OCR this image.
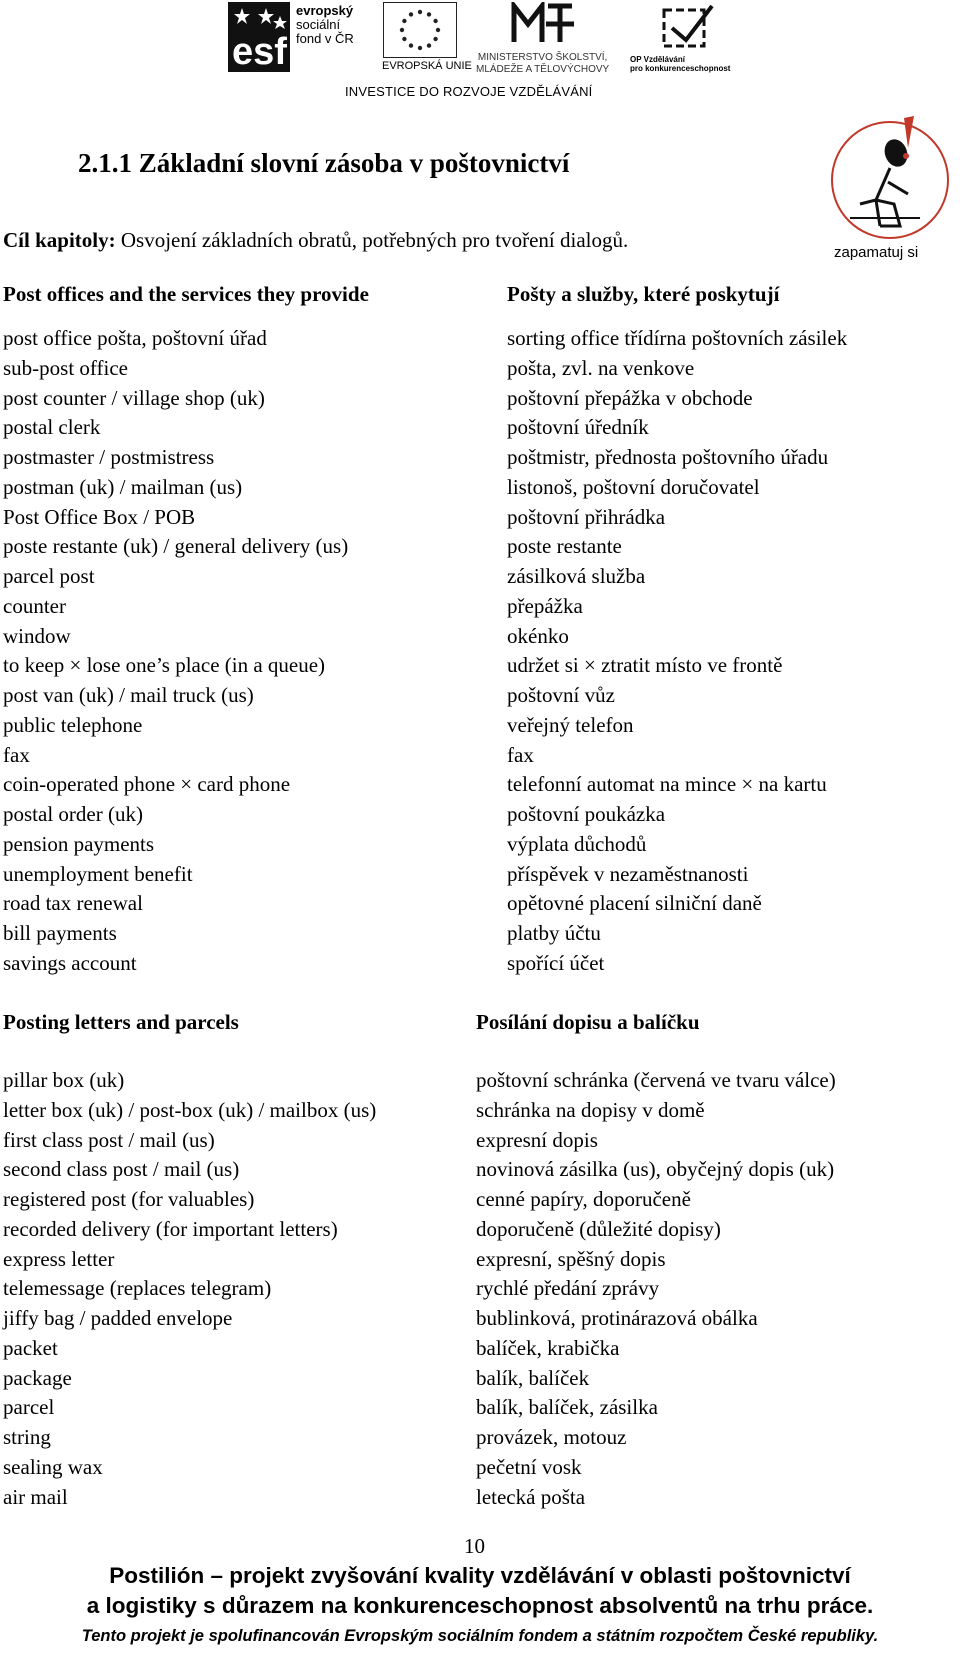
esf
evropský
sociální
fond v ČR
EVROPSKÁ UNIE
MINISTERSTVO ŠKOLSTVÍ,
MLÁDEŽE A TĚLOVÝCHOVY
OP Vzdělávání
pro konkurenceschopnost
INVESTICE DO ROZVOJE VZDĚLÁVÁNÍ
zapamatuj si
2.1.1 Základní slovní zásoba v poštovnictví
Cíl kapitoly: Osvojení základních obratů, potřebných pro tvoření dialogů.
Post offices and the services they provide	Pošty a služby, které poskytují
post office pošta, poštovní úřad
sub-post office
post counter / village shop (uk)
postal clerk
postmaster / postmistress
postman (uk) / mailman (us)
Post Office Box / POB
poste restante (uk) / general delivery (us)
parcel post
counter
window
to keep × lose one’s place (in a queue)
post van (uk) / mail truck (us)
public telephone
fax
coin-operated phone × card phone
postal order (uk)
pension payments
unemployment benefit
road tax renewal
bill payments
savings account
sorting office třídírna poštovních zásilek
pošta, zvl. na venkove
poštovní přepážka v obchode
poštovní úředník
poštmistr, přednosta poštovního úřadu
listonoš, poštovní doručovatel
poštovní přihrádka
poste restante
zásilková služba
přepážka
okénko
udržet si × ztratit místo ve frontě
poštovní vůz
veřejný telefon
fax
telefonní automat na mince × na kartu
poštovní poukázka
výplata důchodů
příspěvek v nezaměstnanosti
opětovné placení silniční daně
platby účtu
spořící účet
Posting letters and parcels	Posílání dopisu a balíčku
pillar box (uk)
letter box (uk) / post-box (uk) / mailbox (us)
first class post / mail (us)
second class post / mail (us)
registered post (for valuables)
recorded delivery (for important letters)
express letter
telemessage (replaces telegram)
jiffy bag / padded envelope
packet
package
parcel
string
sealing wax
air mail
poštovní schránka (červená ve tvaru válce)
schránka na dopisy v domě
expresní dopis
novinová zásilka (us), obyčejný dopis (uk)
cenné papíry, doporučeně
doporučeně (důležité dopisy)
expresní, spěšný dopis
rychlé předání zprávy
bublinková, protinárazová obálka
balíček, krabička
balík, balíček
balík, balíček, zásilka
provázek, motouz
pečetní vosk
letecká pošta
10
Postilión – projekt zvyšování kvality vzdělávání v oblasti poštovnictví
a logistiky s důrazem na konkurenceschopnost absolventů na trhu práce.
Tento projekt je spolufinancován Evropským sociálním fondem a státním rozpočtem České republiky.
